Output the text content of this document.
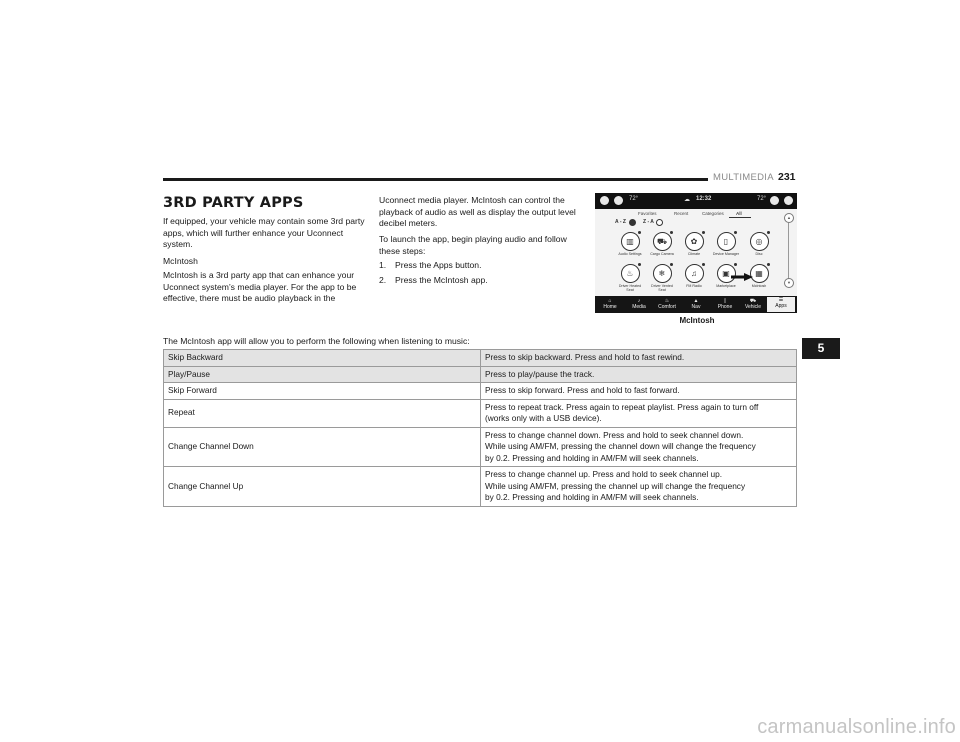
MULTIMEDIA 231
5
3RD PARTY APPS
If equipped, your vehicle may contain some 3rd party apps, which will further enhance your Uconnect system.
McIntosh
McIntosh is a 3rd party app that can enhance your Uconnect system’s media player. For the app to be effective, there must be audio playback in the
Uconnect media player. McIntosh can control the playback of audio as well as display the output level decibel meters.
To launch the app, begin playing audio and follow these steps:
1.	Press the Apps button.
2.	Press the McIntosh app.
72°	☁ 12:32	72°
Favorites	Recent	Categories	All
A - Z	Z - A
▥
Audio Settings
⛟
Cargo Camera
✿
Climate
▯
Device Manager
◎
Disc
♨
Driver Heated Seat
❄
Driver Vented Seat
♫
FM Radio
▣
Marketplace
▦
McIntosh
▲
▼
⌂
Home
♪
Media
♨
Comfort
▲
Nav
▯
Phone
⛟
Vehicle
☰
Apps
McIntosh
The McIntosh app will allow you to perform the following when listening to music:
Skip Backward	Press to skip backward. Press and hold to fast rewind.

Play/Pause	Press to play/pause the track.

Skip Forward	Press to skip forward. Press and hold to fast forward.

Repeat	Press to repeat track. Press again to repeat playlist. Press again to turn off
(works only with a USB device).

Change Channel Down	Press to change channel down. Press and hold to seek channel down.
While using AM/FM, pressing the channel down will change the frequency
by 0.2. Pressing and holding in AM/FM will seek channels.

Change Channel Up	Press to change channel up. Press and hold to seek channel up.
While using AM/FM, pressing the channel up will change the frequency
by 0.2. Pressing and holding in AM/FM will seek channels.
carmanualsonline.info
